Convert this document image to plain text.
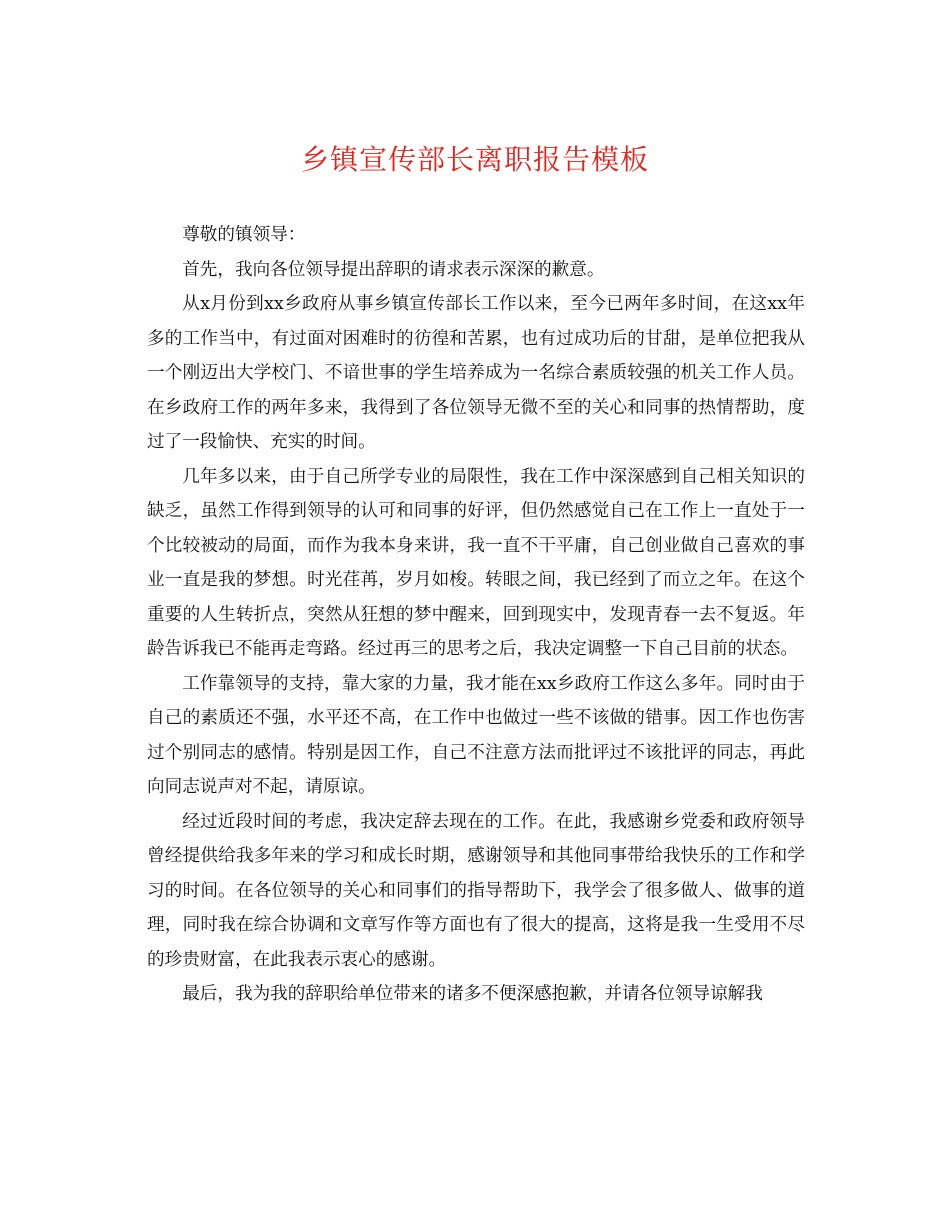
乡镇宣传部长离职报告模板

尊敬的镇领导：

首先，我向各位领导提出辞职的请求表示深深的歉意。

从x月份到xx乡政府从事乡镇宣传部长工作以来，至今已两年多时间，在这xx年多的工作当中，有过面对困难时的彷徨和苦累，也有过成功后的甘甜，是单位把我从一个刚迈出大学校门、不谙世事的学生培养成为一名综合素质较强的机关工作人员。在乡政府工作的两年多来，我得到了各位领导无微不至的关心和同事的热情帮助，度过了一段愉快、充实的时间。

几年多以来，由于自己所学专业的局限性，我在工作中深深感到自己相关知识的缺乏，虽然工作得到领导的认可和同事的好评，但仍然感觉自己在工作上一直处于一个比较被动的局面，而作为我本身来讲，我一直不干平庸，自己创业做自己喜欢的事业一直是我的梦想。时光荏苒，岁月如梭。转眼之间，我已经到了而立之年。在这个重要的人生转折点，突然从狂想的梦中醒来，回到现实中，发现青春一去不复返。年龄告诉我已不能再走弯路。经过再三的思考之后，我决定调整一下自己目前的状态。

工作靠领导的支持，靠大家的力量，我才能在xx乡政府工作这么多年。同时由于自己的素质还不强，水平还不高，在工作中也做过一些不该做的错事。因工作也伤害过个别同志的感情。特别是因工作，自己不注意方法而批评过不该批评的同志，再此向同志说声对不起，请原谅。

经过近段时间的考虑，我决定辞去现在的工作。在此，我感谢乡党委和政府领导曾经提供给我多年来的学习和成长时期，感谢领导和其他同事带给我快乐的工作和学习的时间。在各位领导的关心和同事们的指导帮助下，我学会了很多做人、做事的道理，同时我在综合协调和文章写作等方面也有了很大的提高，这将是我一生受用不尽的珍贵财富，在此我表示衷心的感谢。

最后，我为我的辞职给单位带来的诸多不便深感抱歉，并请各位领导谅解我
